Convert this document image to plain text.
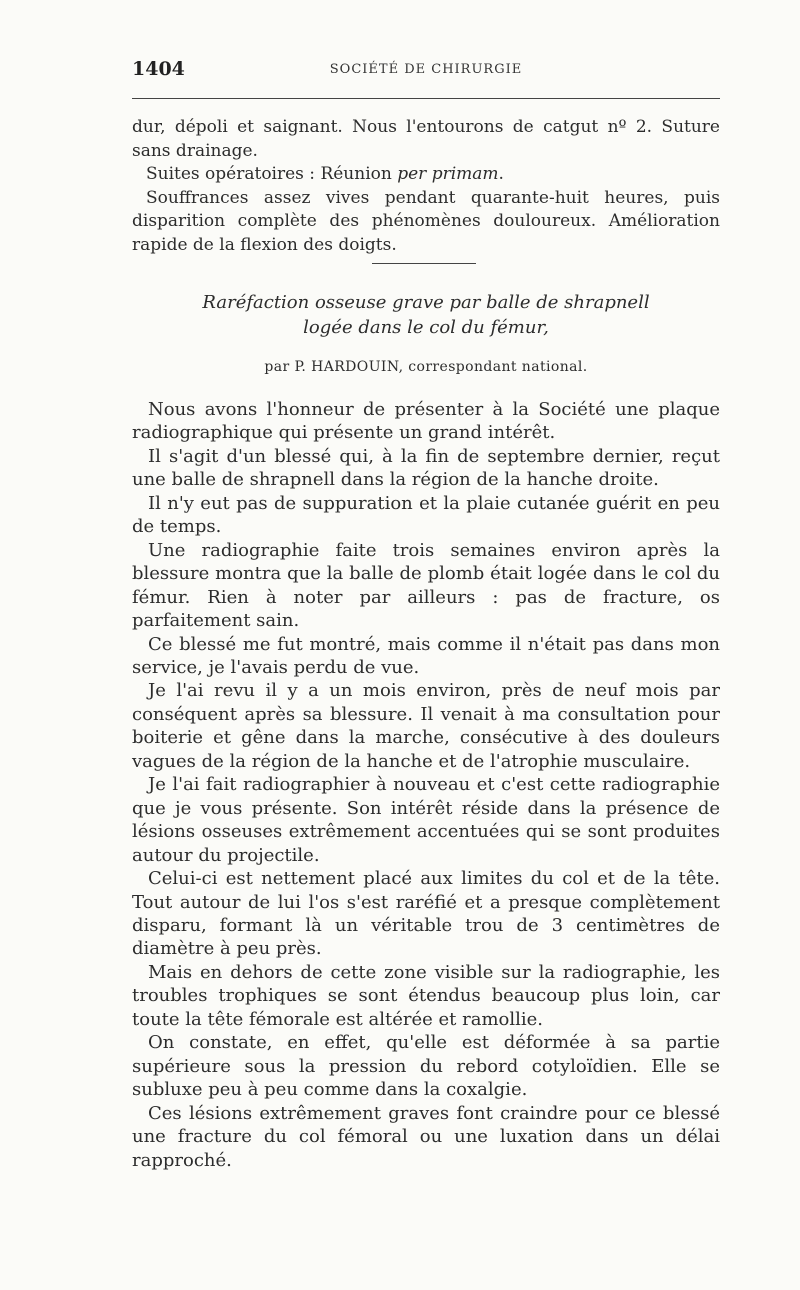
1404	SOCIÉTÉ DE CHIRURGIE

dur, dépoli et saignant. Nous l'entourons de catgut nº 2. Suture sans drainage.

Suites opératoires : Réunion per primam.

Souffrances assez vives pendant quarante-huit heures, puis disparition complète des phénomènes douloureux. Amélioration rapide de la flexion des doigts.

Raréfaction osseuse grave par balle de shrapnell
logée dans le col du fémur,
par P. HARDOUIN, correspondant national.

Nous avons l'honneur de présenter à la Société une plaque radiographique qui présente un grand intérêt.

Il s'agit d'un blessé qui, à la fin de septembre dernier, reçut une balle de shrapnell dans la région de la hanche droite.

Il n'y eut pas de suppuration et la plaie cutanée guérit en peu de temps.

Une radiographie faite trois semaines environ après la blessure montra que la balle de plomb était logée dans le col du fémur. Rien à noter par ailleurs : pas de fracture, os parfaitement sain.

Ce blessé me fut montré, mais comme il n'était pas dans mon service, je l'avais perdu de vue.

Je l'ai revu il y a un mois environ, près de neuf mois par conséquent après sa blessure. Il venait à ma consultation pour boiterie et gêne dans la marche, consécutive à des douleurs vagues de la région de la hanche et de l'atrophie musculaire.

Je l'ai fait radiographier à nouveau et c'est cette radiographie que je vous présente. Son intérêt réside dans la présence de lésions osseuses extrêmement accentuées qui se sont produites autour du projectile.

Celui-ci est nettement placé aux limites du col et de la tête. Tout autour de lui l'os s'est raréfié et a presque complètement disparu, formant là un véritable trou de 3 centimètres de diamètre à peu près.

Mais en dehors de cette zone visible sur la radiographie, les troubles trophiques se sont étendus beaucoup plus loin, car toute la tête fémorale est altérée et ramollie.

On constate, en effet, qu'elle est déformée à sa partie supérieure sous la pression du rebord cotyloïdien. Elle se subluxe peu à peu comme dans la coxalgie.

Ces lésions extrêmement graves font craindre pour ce blessé une fracture du col fémoral ou une luxation dans un délai rapproché.
